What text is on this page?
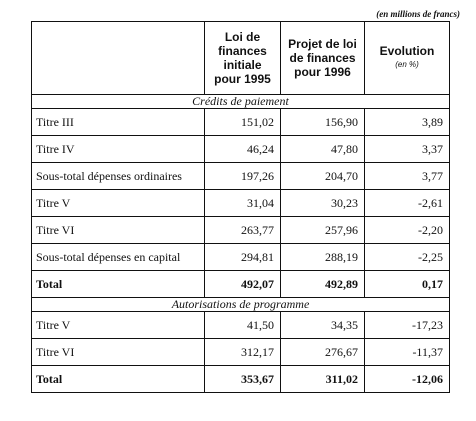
(en millions de francs)
	Loi de finances initiale pour 1995	Projet de loi de finances pour 1996	Evolution
(en %)

Crédits de paiement			
Titre III	151,02	156,90	3,89
Titre IV	46,24	47,80	3,37
Sous-total dépenses ordinaires	197,26	204,70	3,77
Titre V	31,04	30,23	-2,61
Titre VI	263,77	257,96	-2,20
Sous-total dépenses en capital	294,81	288,19	-2,25
Total	492,07	492,89	0,17
Autorisations de programme			
Titre V	41,50	34,35	-17,23
Titre VI	312,17	276,67	-11,37
Total	353,67	311,02	-12,06
